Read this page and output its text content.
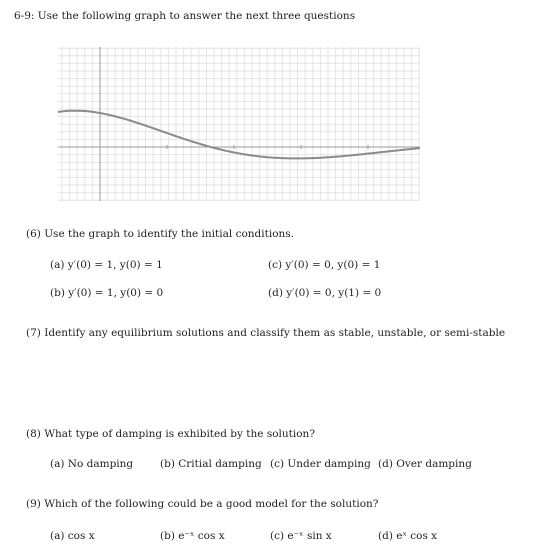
6-9: Use the following graph to answer the next three questions
(6) Use the graph to identify the initial conditions.
(a) y′(0) = 1, y(0) = 1	(c) y′(0) = 0, y(0) = 1
(b) y′(0) = 1, y(0) = 0	(d) y′(0) = 0, y(1) = 0
(7) Identify any equilibrium solutions and classify them as stable, unstable, or semi-stable
(8) What type of damping is exhibited by the solution?
(a) No damping	(b) Critial damping (c) Under damping (d) Over damping
(9) Which of the following could be a good model for the solution?
(a) cos x	(b) e⁻ˣ cos x	(c) e⁻ˣ sin x	(d) eˣ cos x
